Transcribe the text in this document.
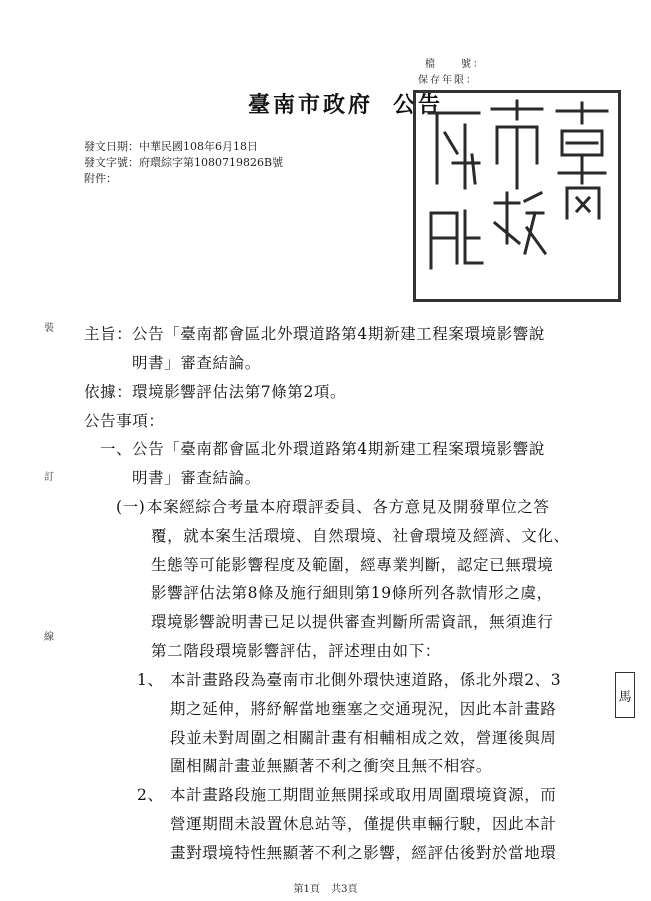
檔　　號：
保存年限：
臺南市政府 公告
發文日期：中華民國108年6月18日
發文字號：府環綜字第1080719826B號
附件：
裝
訂
線
主旨： 公告「臺南都會區北外環道路第4期新建工程案環境影響說
明書」審查結論。
依據： 環境影響評估法第7條第2項。
公告事項：
一、 公告「臺南都會區北外環道路第4期新建工程案環境影響說
明書」審查結論。
(一) 本案經綜合考量本府環評委員、各方意見及開發單位之答
覆，就本案生活環境、自然環境、社會環境及經濟、文化、
生態等可能影響程度及範圍，經專業判斷，認定已無環境
影響評估法第8條及施行細則第19條所列各款情形之虞，
環境影響說明書已足以提供審查判斷所需資訊，無須進行
第二階段環境影響評估，評述理由如下：
1、 本計畫路段為臺南市北側外環快速道路，係北外環2、3
期之延伸，將紓解當地壅塞之交通現況，因此本計畫路
段並未對周圍之相關計畫有相輔相成之效，營運後與周
圍相關計畫並無顯著不利之衝突且無不相容。
2、 本計畫路段施工期間並無開採或取用周圍環境資源，而
營運期間未設置休息站等，僅提供車輛行駛，因此本計
畫對環境特性無顯著不利之影響，經評估後對於當地環
馬
第1頁 共3頁
